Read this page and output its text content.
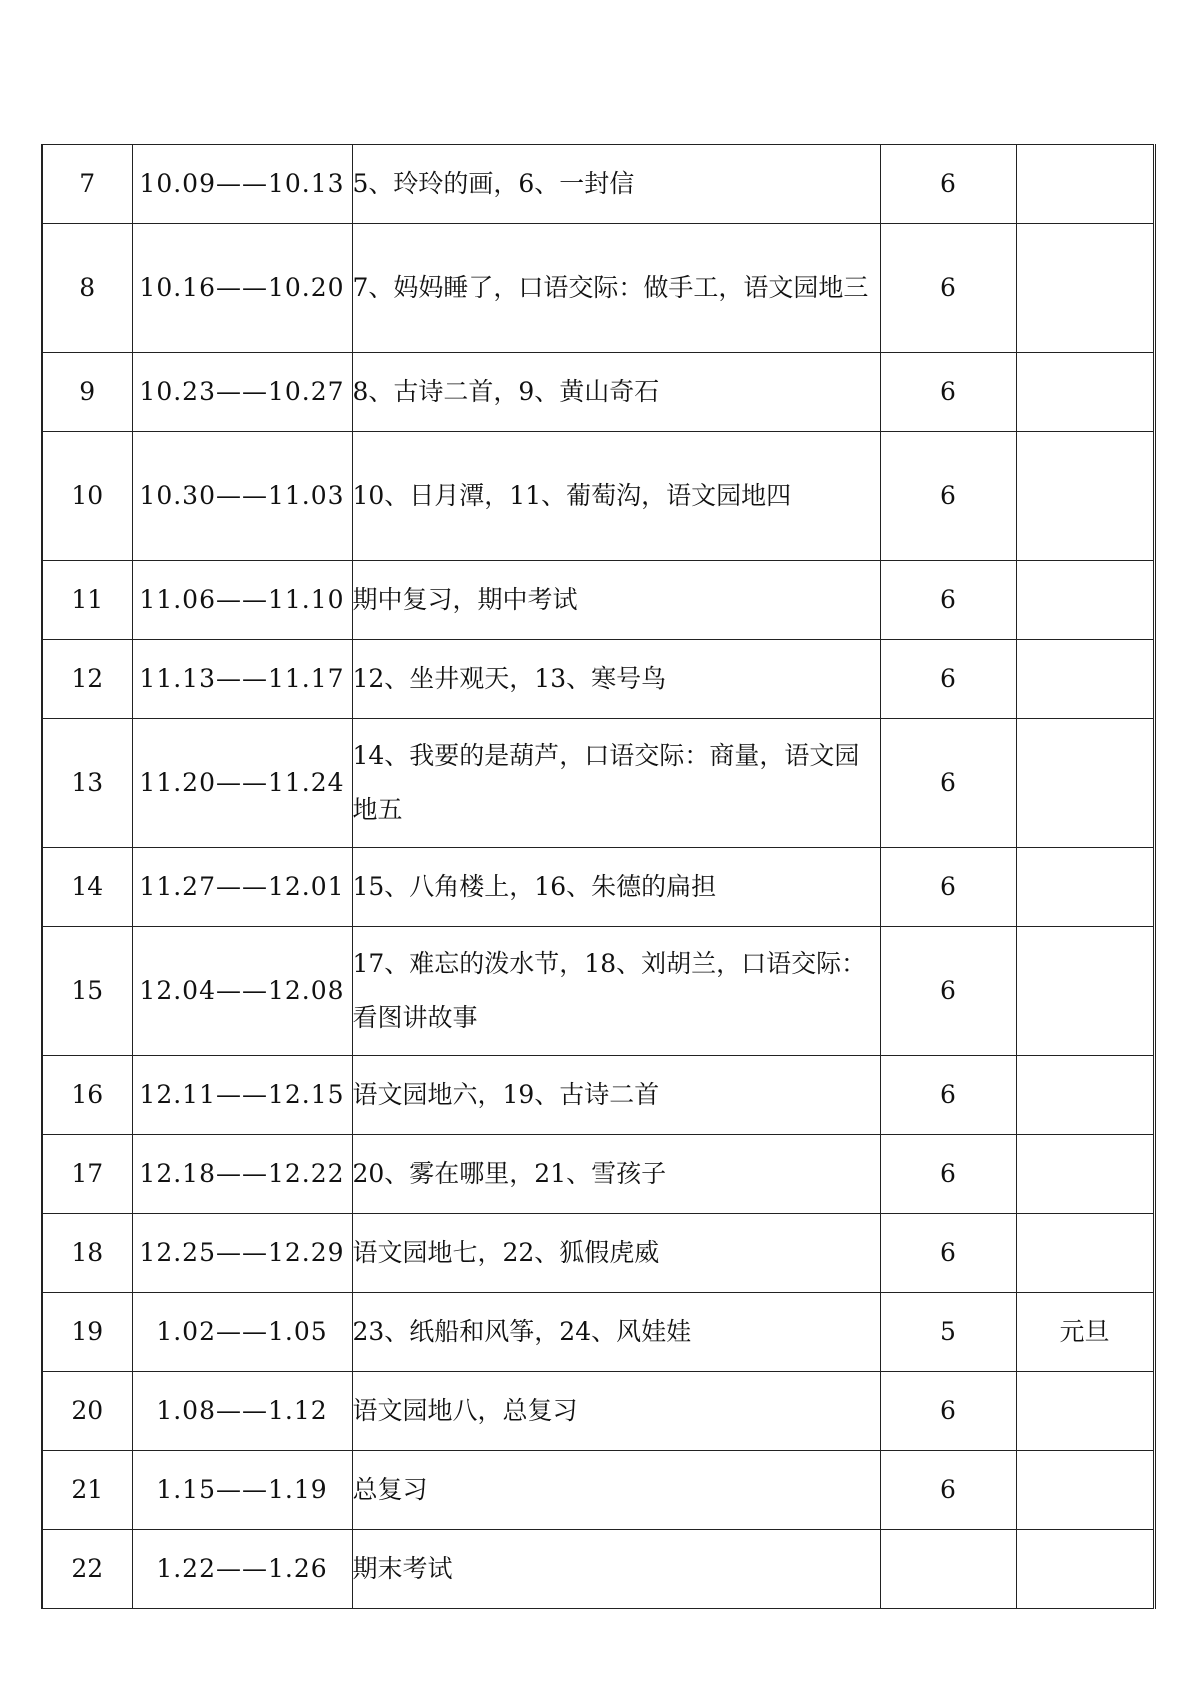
7	10.09——10.13	5、玲玲的画，6、一封信	6	
8	10.16——10.20	7、妈妈睡了，口语交际：做手工，语文园地三	6	
9	10.23——10.27	8、古诗二首，9、黄山奇石	6	
10	10.30——11.03	10、日月潭，11、葡萄沟，语文园地四	6	
11	11.06——11.10	期中复习，期中考试	6	
12	11.13——11.17	12、坐井观天，13、寒号鸟	6	
13	11.20——11.24	14、我要的是葫芦，口语交际：商量，语文园地五	6	
14	11.27——12.01	15、八角楼上，16、朱德的扁担	6	
15	12.04——12.08	17、难忘的泼水节，18、刘胡兰，口语交际：看图讲故事	6	
16	12.11——12.15	语文园地六，19、古诗二首	6	
17	12.18——12.22	20、雾在哪里，21、雪孩子	6	
18	12.25——12.29	语文园地七，22、狐假虎威	6	
19	1.02——1.05	23、纸船和风筝，24、风娃娃	5	元旦
20	1.08——1.12	语文园地八，总复习	6	
21	1.15——1.19	总复习	6	
22	1.22——1.26	期末考试		
